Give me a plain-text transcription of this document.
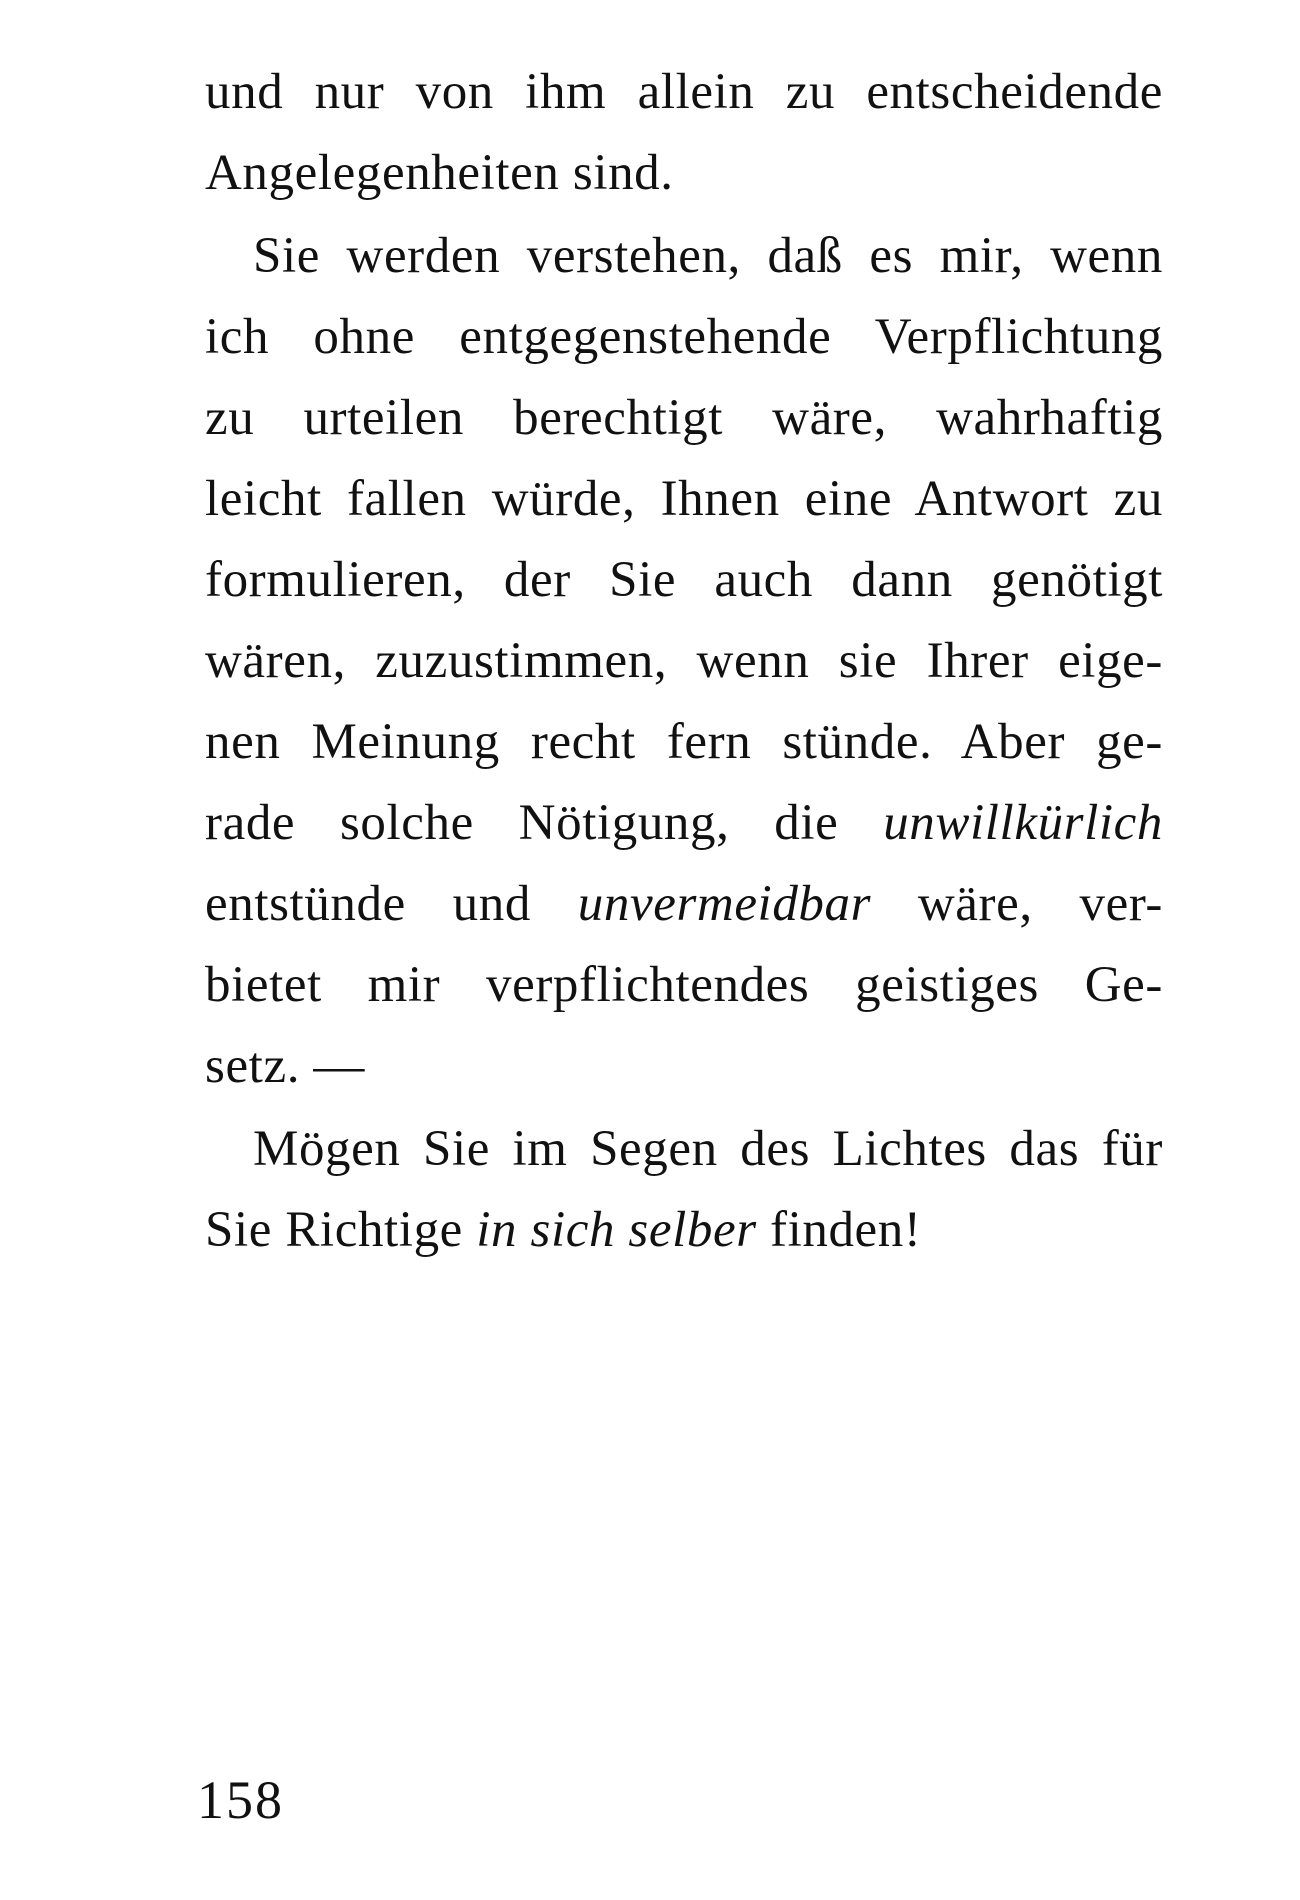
und nur von ihm allein zu entscheidende
Angelegenheiten sind.
Sie werden verstehen, daß es mir, wenn
ich ohne entgegenstehende Verpflichtung
zu urteilen berechtigt wäre, wahrhaftig
leicht fallen würde, Ihnen eine Antwort zu
formulieren, der Sie auch dann genötigt
wären, zuzustimmen, wenn sie Ihrer eige-
nen Meinung recht fern stünde. Aber ge-
rade solche Nötigung, die unwillkürlich
entstünde und unvermeidbar wäre, ver-
bietet mir verpflichtendes geistiges Ge-
setz. —
Mögen Sie im Segen des Lichtes das für
Sie Richtige in sich selber finden!
158
